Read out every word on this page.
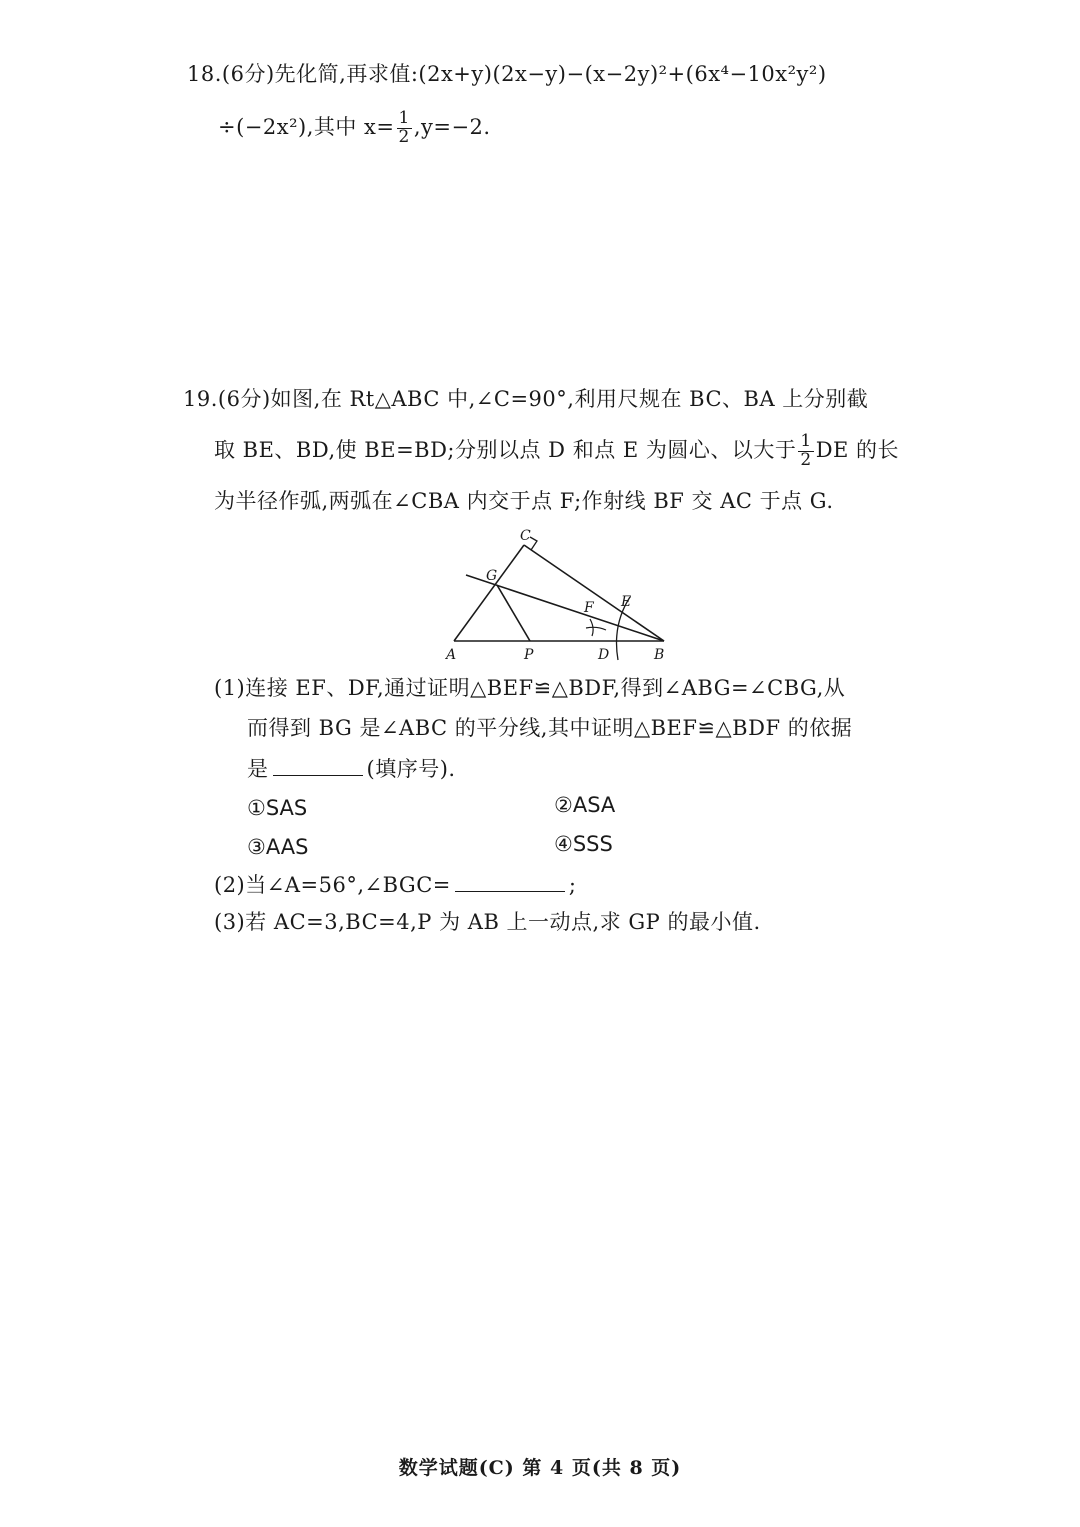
18.(6分)先化简,再求值:(2x+y)(2x−y)−(x−2y)²+(6x⁴−10x²y²)
÷(−2x²),其中 $x= \frac{1}{2} ,y=-2$.
19.(6分)如图,在 Rt△ABC 中,∠C=90°,利用尺规在 BC、BA 上分别截
取 BE、BD,使 BE=BD;分别以点 D 和点 E 为圆心、以大于 $\frac{1}{2}$ DE 的长
为半径作弧,两弧在∠CBA 内交于点 F;作射线 BF 交 AC 于点 G.
C
G
F E
A	P	D	B
(1)连接 EF、DF,通过证明△BEF≌△BDF,得到∠ABG=∠CBG,从
而得到 BG 是∠ABC 的平分线,其中证明△BEF≌△BDF 的依据
是	(填序号).
①SAS	②ASA
③AAS	④SSS
(2)当∠A=56°,∠BGC=	;
(3)若 AC=3,BC=4,P 为 AB 上一动点,求 GP 的最小值.
数学试题(C) 第 4 页(共 8 页)
